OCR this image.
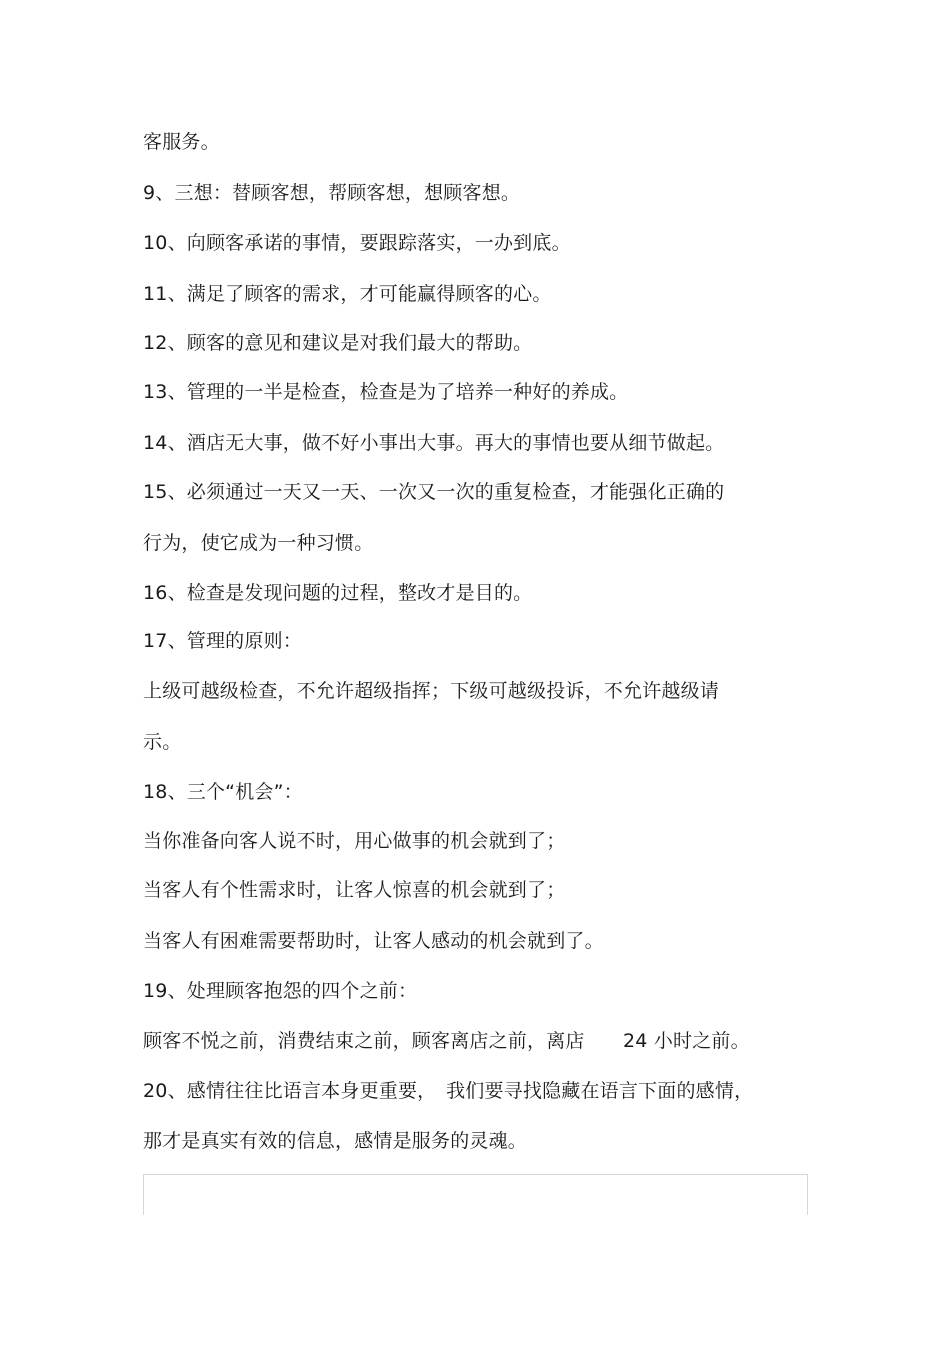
客服务。
9、三想：替顾客想，帮顾客想，想顾客想。
10、向顾客承诺的事情，要跟踪落实，一办到底。
11、满足了顾客的需求，才可能赢得顾客的心。
12、顾客的意见和建议是对我们最大的帮助。
13、管理的一半是检查，检查是为了培养一种好的养成。
14、酒店无大事，做不好小事出大事。再大的事情也要从细节做起。
15、必须通过一天又一天、一次又一次的重复检查，才能强化正确的
行为，使它成为一种习惯。
16、检查是发现问题的过程，整改才是目的。
17、管理的原则：
上级可越级检查，不允许超级指挥；下级可越级投诉，不允许越级请
示。
18、三个“机会”：
当你准备向客人说不时，用心做事的机会就到了；
当客人有个性需求时，让客人惊喜的机会就到了；
当客人有困难需要帮助时，让客人感动的机会就到了。
19、处理顾客抱怨的四个之前：
顾客不悦之前，消费结束之前，顾客离店之前，离店　　24 小时之前。
20、感情往往比语言本身更重要，　我们要寻找隐藏在语言下面的感情，
那才是真实有效的信息，感情是服务的灵魂。
